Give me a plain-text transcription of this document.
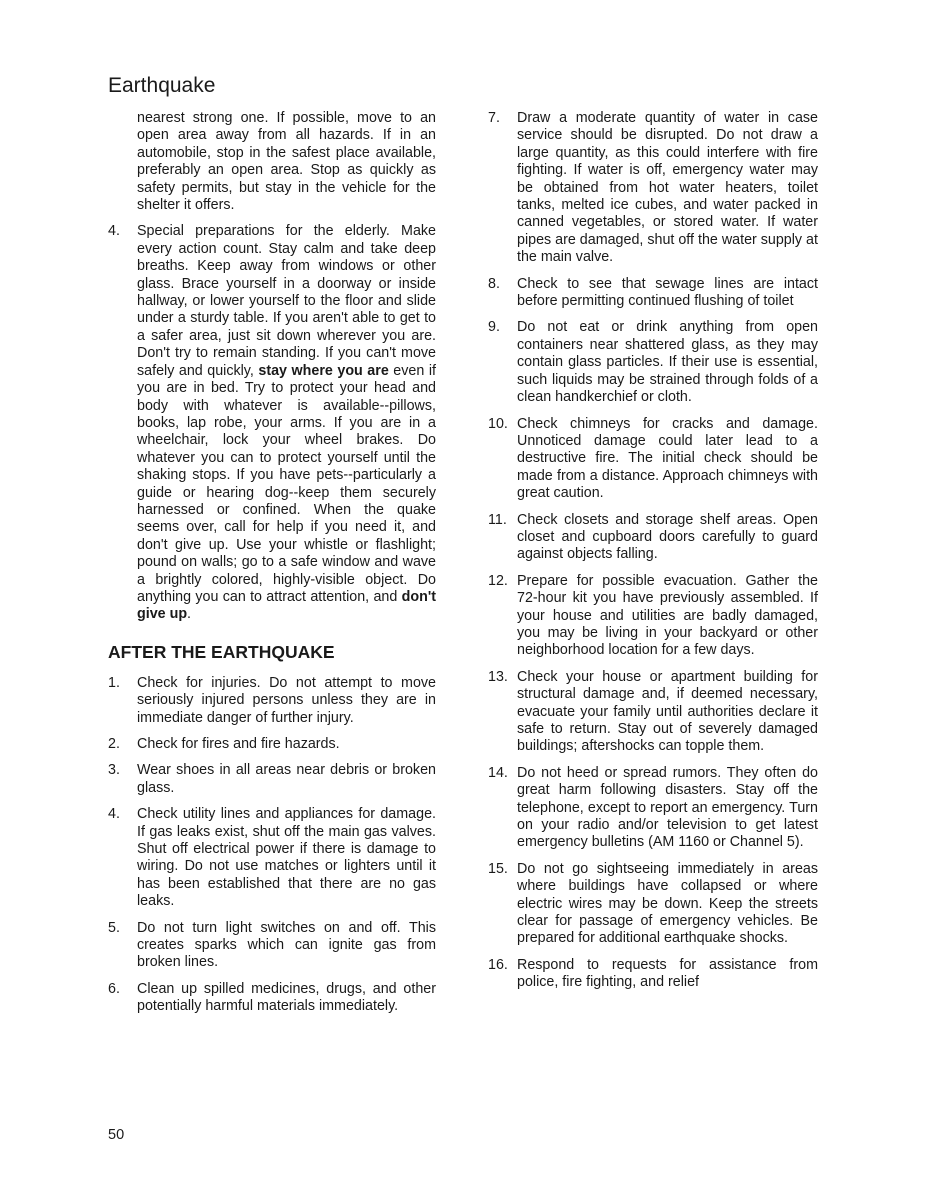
Earthquake
nearest strong one. If possible, move to an open area away from all hazards. If in an automobile, stop in the safest place available, preferably an open area. Stop as quickly as safety permits, but stay in the vehicle for the shelter it offers.
4.	Special preparations for the elderly. Make every action count. Stay calm and take deep breaths. Keep away from windows or other glass. Brace yourself in a doorway or inside hallway, or lower yourself to the floor and slide under a sturdy table. If you aren't able to get to a safer area, just sit down wherever you are. Don't try to remain standing. If you can't move safely and quickly, stay where you are even if you are in bed. Try to protect your head and body with whatever is available--pillows, books, lap robe, your arms. If you are in a wheelchair, lock your wheel brakes. Do whatever you can to protect yourself until the shaking stops. If you have pets--particularly a guide or hearing dog--keep them securely harnessed or confined. When the quake seems over, call for help if you need it, and don't give up. Use your whistle or flashlight; pound on walls; go to a safe window and wave a brightly colored, highly-visible object. Do anything you can to attract attention, and don't give up.
AFTER THE EARTHQUAKE
1.	Check for injuries. Do not attempt to move seriously injured persons unless they are in immediate danger of further injury.
2.	Check for fires and fire hazards.
3.	Wear shoes in all areas near debris or broken glass.
4.	Check utility lines and appliances for damage. If gas leaks exist, shut off the main gas valves. Shut off electrical power if there is damage to wiring. Do not use matches or lighters until it has been established that there are no gas leaks.
5.	Do not turn light switches on and off. This creates sparks which can ignite gas from broken lines.
6.	Clean up spilled medicines, drugs, and other potentially harmful materials immediately.
7.	Draw a moderate quantity of water in case service should be disrupted. Do not draw a large quantity, as this could interfere with fire fighting. If water is off, emergency water may be obtained from hot water heaters, toilet tanks, melted ice cubes, and water packed in canned vegetables, or stored water. If water pipes are damaged, shut off the water supply at the main valve.
8.	Check to see that sewage lines are intact before permitting continued flushing of toilet
9.	Do not eat or drink anything from open containers near shattered glass, as they may contain glass particles. If their use is essential, such liquids may be strained through folds of a clean handkerchief or cloth.
10. Check chimneys for cracks and damage. Unnoticed damage could later lead to a destructive fire. The initial check should be made from a distance. Approach chimneys with great caution.
11. Check closets and storage shelf areas. Open closet and cupboard doors carefully to guard against objects falling.
12. Prepare for possible evacuation. Gather the 72-hour kit you have previously assembled. If your house and utilities are badly damaged, you may be living in your backyard or other neighborhood location for a few days.
13. Check your house or apartment building for structural damage and, if deemed necessary, evacuate your family until authorities declare it safe to return. Stay out of severely damaged buildings; aftershocks can topple them.
14. Do not heed or spread rumors. They often do great harm following disasters. Stay off the telephone, except to report an emergency. Turn on your radio and/or television to get latest emergency bulletins (AM 1160 or Channel 5).
15. Do not go sightseeing immediately in areas where buildings have collapsed or where electric wires may be down. Keep the streets clear for passage of emergency vehicles. Be prepared for additional earthquake shocks.
16. Respond to requests for assistance from police, fire fighting, and relief
50
